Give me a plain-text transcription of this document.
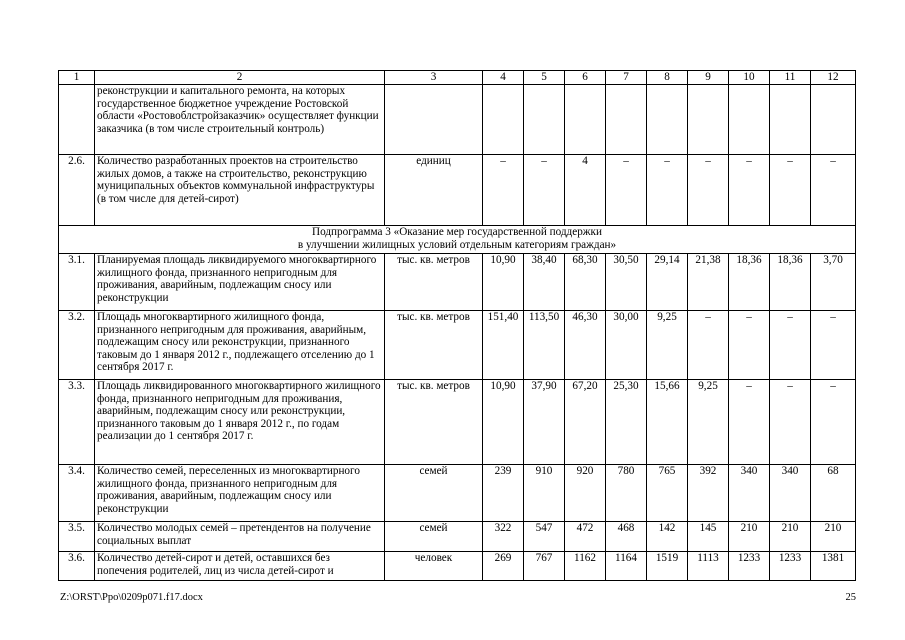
1	2	3	4	5	6	7	8	9	10	11	12
	реконструкции и капитального ремонта, на которых государственное бюджетное учреждение Ростовской области «Ростовоблстройзаказчик» осуществляет функции заказчика (в том числе строительный контроль)										
2.6.	Количество разработанных проектов на строительство жилых домов, а также на строительство, реконструкцию муниципальных объектов коммунальной инфраструктуры (в том числе для детей-сирот)	единиц	–	–	4	–	–	–	–	–	–

Подпрограмма 3 «Оказание мер государственной поддержки
в улучшении жилищных условий отдельным категориям граждан»											

3.1.	Планируемая площадь ликвидируемого многоквартирного жилищного фонда, признанного непригодным для проживания, аварийным, подлежащим сносу или реконструкции	тыс. кв. метров	10,90	38,40	68,30	30,50	29,14	21,38	18,36	18,36	3,70
3.2.	Площадь многоквартирного жилищного фонда, признанного непригодным для проживания, аварийным, подлежащим сносу или реконструкции, признанного таковым до 1 января 2012 г., подлежащего отселению до 1 сентября 2017 г.	тыс. кв. метров	151,40	113,50	46,30	30,00	9,25	–	–	–	–
3.3.	Площадь ликвидированного многоквартирного жилищного фонда, признанного непригодным для проживания, аварийным, подлежащим сносу или реконструкции, признанного таковым до 1 января 2012 г., по годам реализации до 1 сентября 2017 г.	тыс. кв. метров	10,90	37,90	67,20	25,30	15,66	9,25	–	–	–
3.4.	Количество семей, переселенных из многоквартирного жилищного фонда, признанного непригодным для проживания, аварийным, подлежащим сносу или реконструкции	семей	239	910	920	780	765	392	340	340	68
3.5.	Количество молодых семей – претендентов на получение социальных выплат	семей	322	547	472	468	142	145	210	210	210
3.6.	Количество детей-сирот и детей, оставшихся без попечения родителей, лиц из числа детей-сирот и	человек	269	767	1162	1164	1519	1113	1233	1233	1381
Z:\ORST\Ppo\0209p071.f17.docx	25
